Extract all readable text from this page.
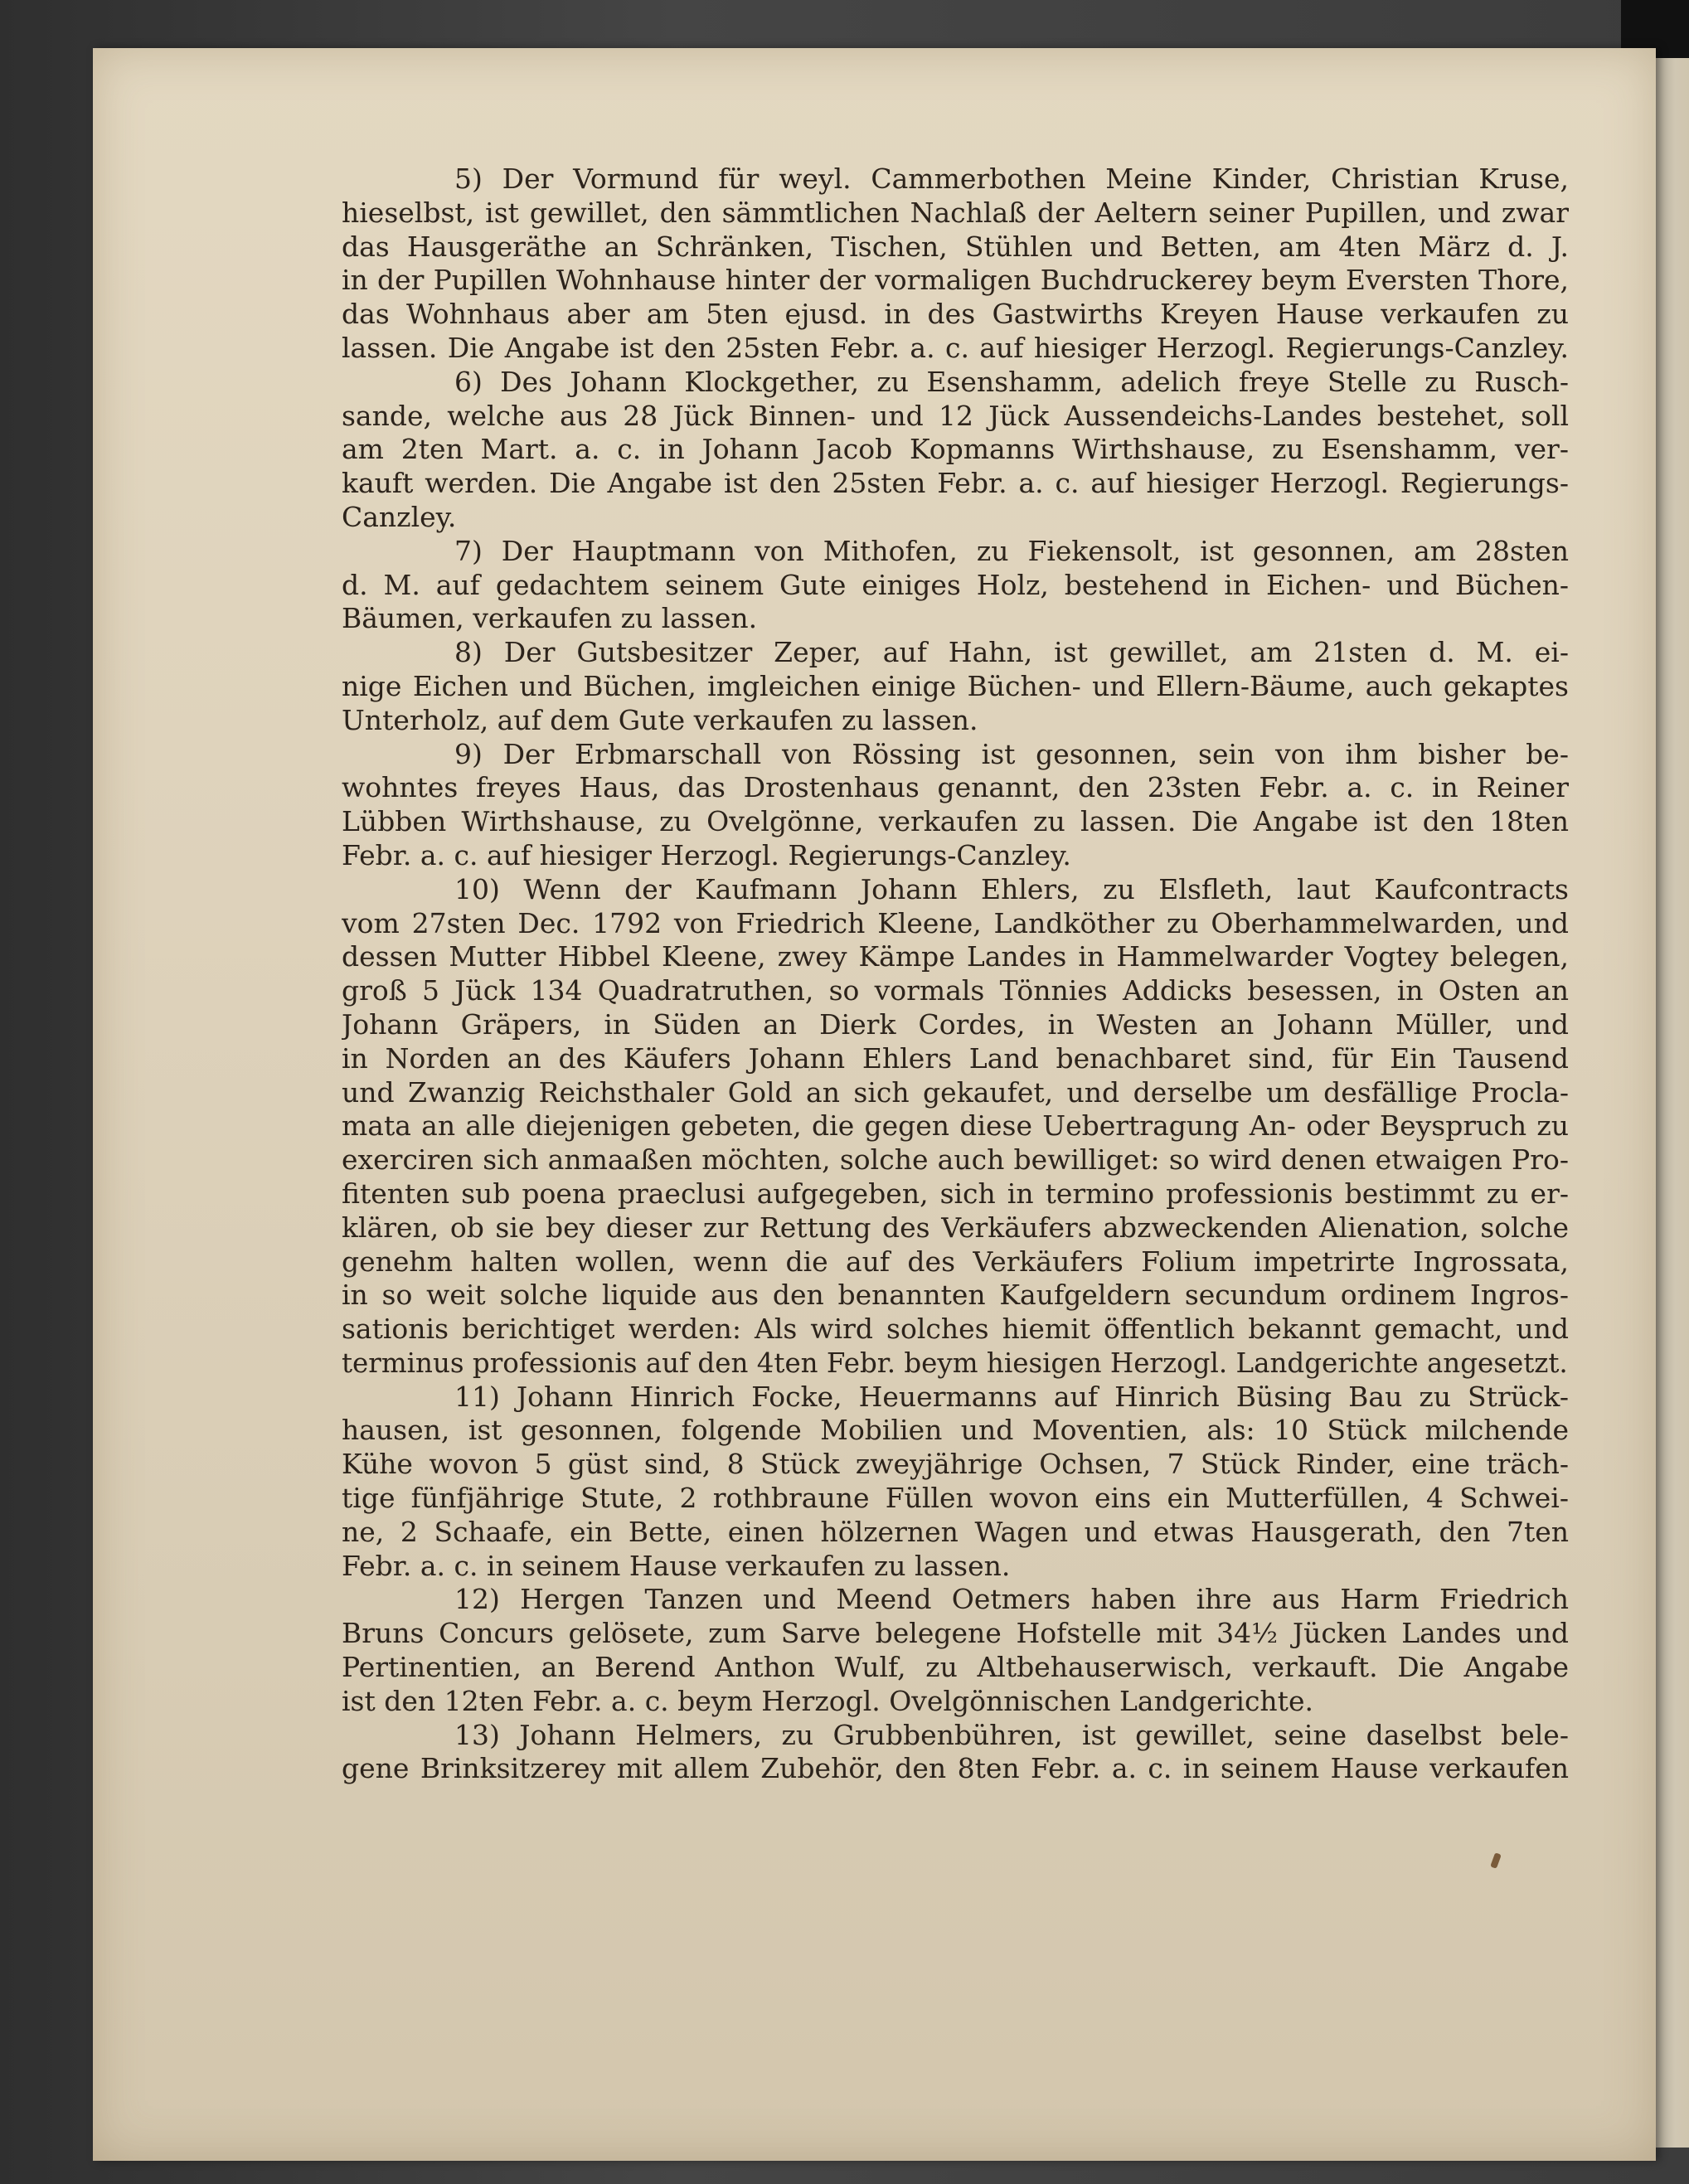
5) Der Vormund für weyl. Cammerbothen Meine Kinder, Christian Kruse,
hieselbst, ist gewillet, den sämmtlichen Nachlaß der Aeltern seiner Pupillen, und zwar
das Hausgeräthe an Schränken, Tischen, Stühlen und Betten, am 4ten März d. J.
in der Pupillen Wohnhause hinter der vormaligen Buchdruckerey beym Eversten Thore,
das Wohnhaus aber am 5ten ejusd. in des Gastwirths Kreyen Hause verkaufen zu
lassen. Die Angabe ist den 25sten Febr. a. c. auf hiesiger Herzogl. Regierungs-Canzley.
6) Des Johann Klockgether, zu Esenshamm, adelich freye Stelle zu Rusch-
sande, welche aus 28 Jück Binnen- und 12 Jück Aussendeichs-Landes bestehet, soll
am 2ten Mart. a. c. in Johann Jacob Kopmanns Wirthshause, zu Esenshamm, ver-
kauft werden. Die Angabe ist den 25sten Febr. a. c. auf hiesiger Herzogl. Regierungs-
Canzley.
7) Der Hauptmann von Mithofen, zu Fiekensolt, ist gesonnen, am 28sten
d. M. auf gedachtem seinem Gute einiges Holz, bestehend in Eichen- und Büchen-
Bäumen, verkaufen zu lassen.
8) Der Gutsbesitzer Zeper, auf Hahn, ist gewillet, am 21sten d. M. ei-
nige Eichen und Büchen, imgleichen einige Büchen- und Ellern-Bäume, auch gekaptes
Unterholz, auf dem Gute verkaufen zu lassen.
9) Der Erbmarschall von Rössing ist gesonnen, sein von ihm bisher be-
wohntes freyes Haus, das Drostenhaus genannt, den 23sten Febr. a. c. in Reiner
Lübben Wirthshause, zu Ovelgönne, verkaufen zu lassen. Die Angabe ist den 18ten
Febr. a. c. auf hiesiger Herzogl. Regierungs-Canzley.
10) Wenn der Kaufmann Johann Ehlers, zu Elsfleth, laut Kaufcontracts
vom 27sten Dec. 1792 von Friedrich Kleene, Landköther zu Oberhammelwarden, und
dessen Mutter Hibbel Kleene, zwey Kämpe Landes in Hammelwarder Vogtey belegen,
groß 5 Jück 134 Quadratruthen, so vormals Tönnies Addicks besessen, in Osten an
Johann Gräpers, in Süden an Dierk Cordes, in Westen an Johann Müller, und
in Norden an des Käufers Johann Ehlers Land benachbaret sind, für Ein Tausend
und Zwanzig Reichsthaler Gold an sich gekaufet, und derselbe um desfällige Procla-
mata an alle diejenigen gebeten, die gegen diese Uebertragung An- oder Beyspruch zu
exerciren sich anmaaßen möchten, solche auch bewilliget: so wird denen etwaigen Pro-
fitenten sub poena praeclusi aufgegeben, sich in termino professionis bestimmt zu er-
klären, ob sie bey dieser zur Rettung des Verkäufers abzweckenden Alienation, solche
genehm halten wollen, wenn die auf des Verkäufers Folium impetrirte Ingrossata,
in so weit solche liquide aus den benannten Kaufgeldern secundum ordinem Ingros-
sationis berichtiget werden: Als wird solches hiemit öffentlich bekannt gemacht, und
terminus professionis auf den 4ten Febr. beym hiesigen Herzogl. Landgerichte angesetzt.
11) Johann Hinrich Focke, Heuermanns auf Hinrich Büsing Bau zu Strück-
hausen, ist gesonnen, folgende Mobilien und Moventien, als: 10 Stück milchende
Kühe wovon 5 güst sind, 8 Stück zweyjährige Ochsen, 7 Stück Rinder, eine träch-
tige fünfjährige Stute, 2 rothbraune Füllen wovon eins ein Mutterfüllen, 4 Schwei-
ne, 2 Schaafe, ein Bette, einen hölzernen Wagen und etwas Hausgerath, den 7ten
Febr. a. c. in seinem Hause verkaufen zu lassen.
12) Hergen Tanzen und Meend Oetmers haben ihre aus Harm Friedrich
Bruns Concurs gelösete, zum Sarve belegene Hofstelle mit 34½ Jücken Landes und
Pertinentien, an Berend Anthon Wulf, zu Altbehauserwisch, verkauft. Die Angabe
ist den 12ten Febr. a. c. beym Herzogl. Ovelgönnischen Landgerichte.
13) Johann Helmers, zu Grubbenbühren, ist gewillet, seine daselbst bele-
gene Brinksitzerey mit allem Zubehör, den 8ten Febr. a. c. in seinem Hause verkaufen
